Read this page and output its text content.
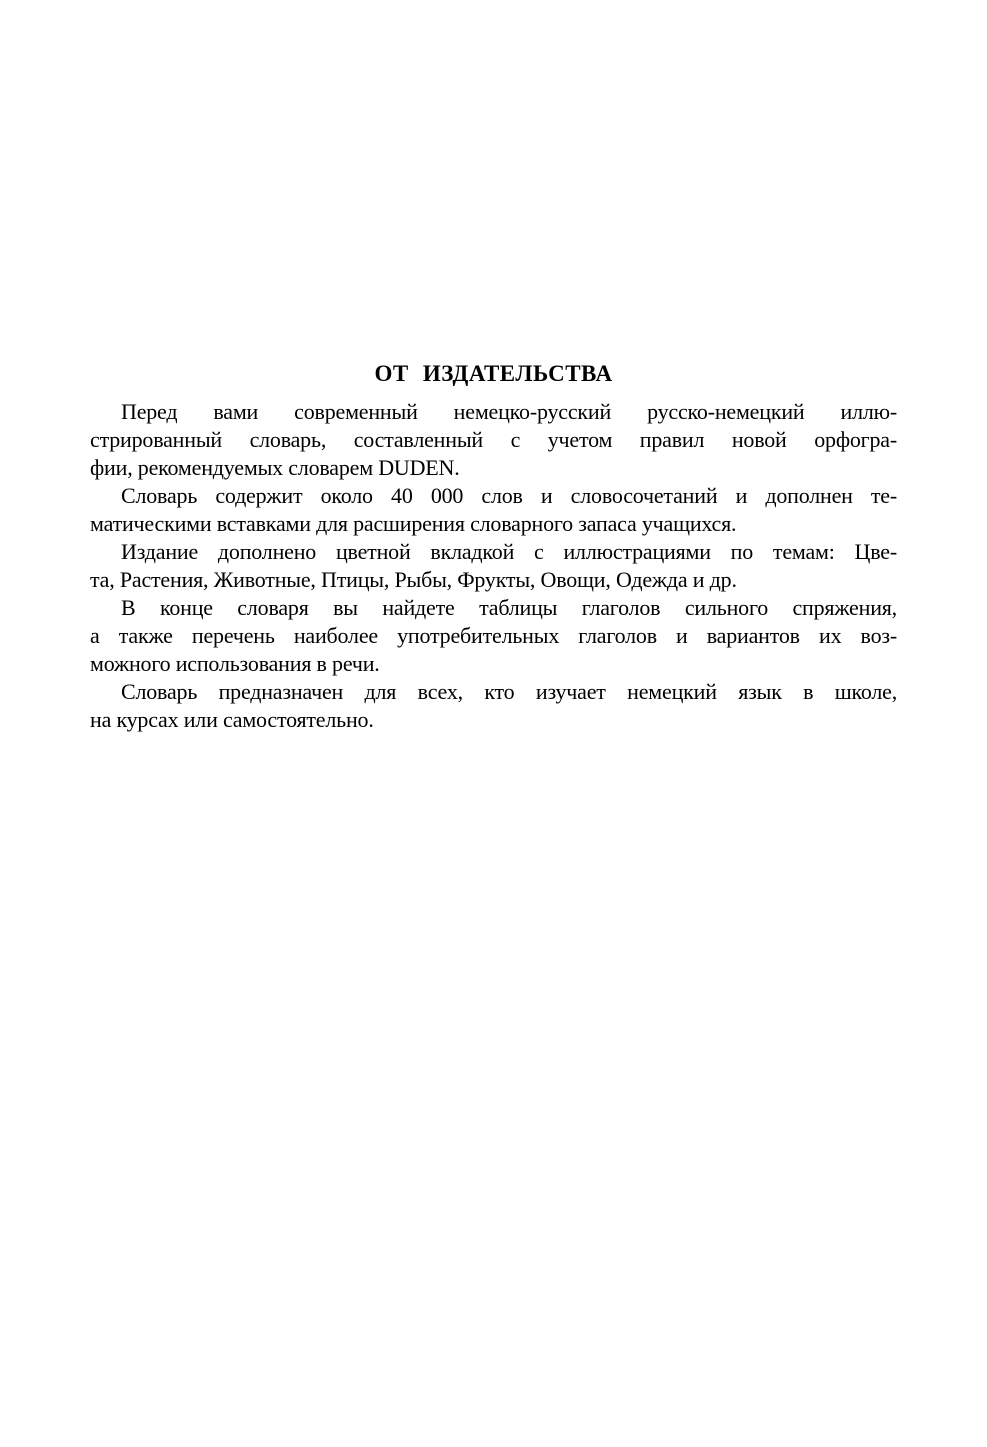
ОТ ИЗДАТЕЛЬСТВА
Перед вами современный немецко-русский русско-немецкий иллю-
стрированный словарь, составленный с учетом правил новой орфогра-
фии, рекомендуемых словарем DUDEN.
Словарь содержит около 40 000 слов и словосочетаний и дополнен те-
матическими вставками для расширения словарного запаса учащихся.
Издание дополнено цветной вкладкой с иллюстрациями по темам: Цве-
та, Растения, Животные, Птицы, Рыбы, Фрукты, Овощи, Одежда и др.
В конце словаря вы найдете таблицы глаголов сильного спряжения,
а также перечень наиболее употребительных глаголов и вариантов их воз-
можного использования в речи.
Словарь предназначен для всех, кто изучает немецкий язык в школе,
на курсах или самостоятельно.
